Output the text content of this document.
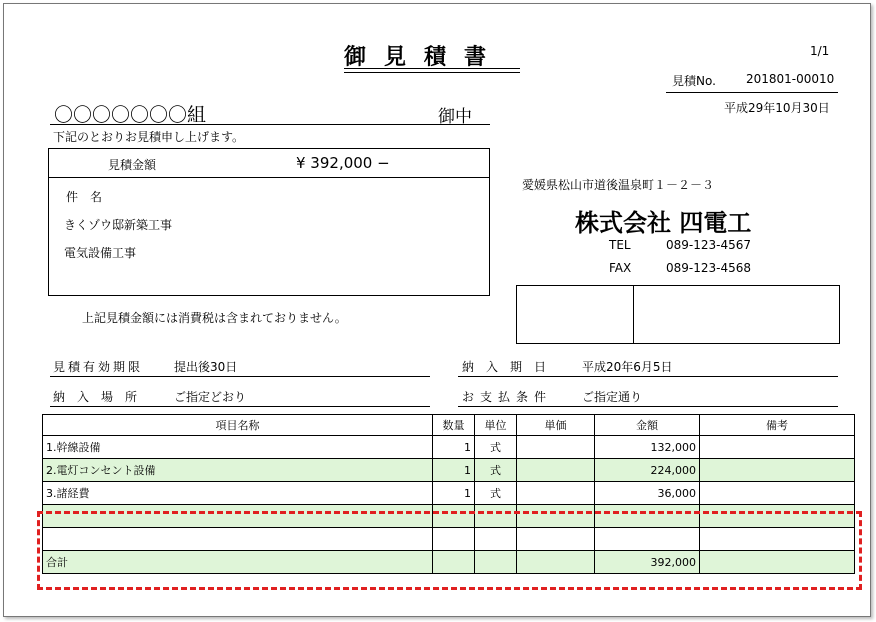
御見積書	1/1
見積No.	201801-00010
平成29年10月30日
〇〇〇〇〇〇〇組	御中
下記のとおりお見積申し上げます。
見積金額	¥ 392,000 −
件　名
きくゾウ邸新築工事
電気設備工事
上記見積金額には消費税は含まれておりません。
愛媛県松山市道後温泉町１－２－３
株式会社 四電工
TEL	089-123-4567
FAX	089-123-4568
見積有効期限	提出後30日
納　入　場　所	ご指定どおり
納　入　期　日	平成20年6月5日
お支払条件 ご指定通り
項目名称	数量	単位	単価	金額	備考
1.幹線設備	1	式		132,000	
2.電灯コンセント設備	1	式		224,000	
3.諸経費	1	式		36,000	

合計				392,000	
